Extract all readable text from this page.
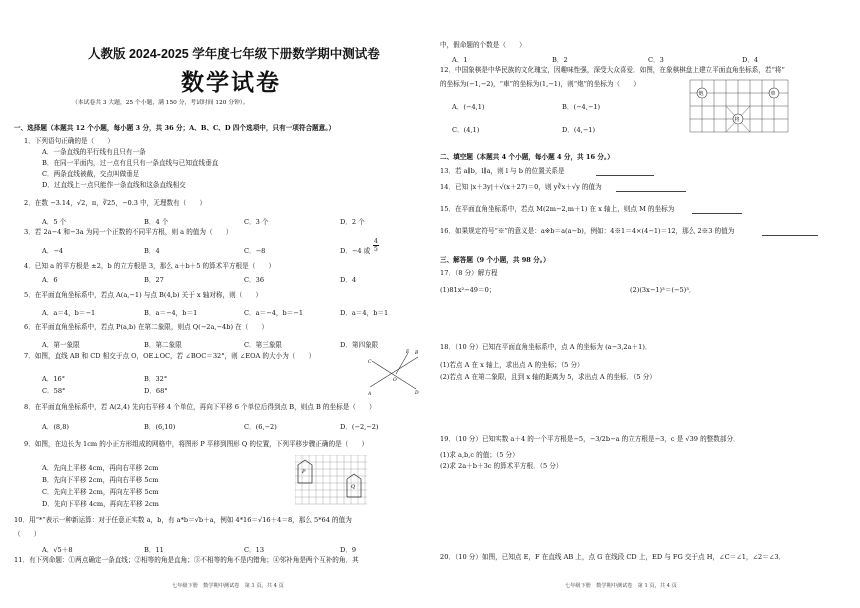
人教版 2024-2025 学年度七年级下册数学期中测试卷
数学试卷
（本试卷共 3 大题，25 个小题，满 150 分，考试时间 120 分钟）。
一、选择题（本题共 12 个小题，每小题 3 分，共 36 分；A、B、C、D 四个选项中，只有一项符合题意。）
1．下列语句正确的是（　　）
A．一条直线的平行线有且只有一条
B．在同一平面内，过一点有且只有一条直线与已知直线垂直
C．两条直线被截，交点叫做垂足
D．过直线上一点只能作一条直线和这条直线相交
2．在数 −3.14，√2，π，∛25，−0.3 中，无理数有（　　）
A．5 个	B．4 个	C．3 个	D．2 个
3．若 2a−4 和−3a 为同一个正数的不同平方根，则 a 的值为（　　）
A．−4	B．4	C．−8	D．−4 或 $\frac{4}{5}$
4．已知 a 的平方根是 ±2，b 的立方根是 3，那么 a＋b＋5 的算术平方根是（　　）
A．6	B．27	C．36	D．4
5．在平面直角坐标系中，若点 A(a,−1) 与点 B(4,b) 关于 x 轴对称，则（　　）
A．a＝4，b＝−1	B．a＝−4，b＝1	C．a＝−4，b＝−1	D．a＝4，b＝1
6．在平面直角坐标系中，若点 P(a,b) 在第二象限，则点 Q(−2a,−4b) 在（　　）
A．第一象限	B．第二象限	C．第三象限	D．第四象限
7．如图，直线 AB 和 CD 相交于点 O，OE⊥OC，若 ∠BOC＝32°，则 ∠EOA 的大小为（　　）
A．16°	B．32°
C．58°	D．68°	A
B
C
D
E
O
8．在平面直角坐标系中，若 A(2,4) 先向右平移 4 个单位，再向下平移 6 个单位后得到点 B，则点 B 的坐标是（　　）
A．(8,8)	B．(6,10)	C．(6,−2)	D．(−2,−2)
9．如图，在边长为 1cm 的小正方形组成的网格中，将图形 P 平移到图形 Q 的位置，下列平移步骤正确的是（　　）
A．先向上平移 4cm，再向右平移 2cm
B．先向下平移 2cm，再向右平移 5cm
C．先向上平移 2cm，再向左平移 5cm
D．先向下平移 4cm，再向左平移 2cm
P
Q
10．用“*”表示一种新运算：对于任意正实数 a，b，有 a*b＝√b＋a，例如 4*16＝√16＋4＝8，那么 5*64 的值为
（　　）
A．√5＋8	B．11	C．13	D．9
11．有下列命题：①两点确定一条直线；②相等的角是直角；③不相等的角不是内错角；④邻补角是两个互补的角．其
七年级下册　数学期中测试卷　第 1 页，共 4 页
中，假命题的个数是（　　）
A．1	B．2	C．3	D．4
12．中国象棋是中华民族的文化瑰宝，因趣味性强，深受大众喜爱．如图，在象棋棋盘上建立平面直角坐标系，若“将”
的坐标为(−1,−2)，“車”的坐标为(1,−1)，则“炮”的坐标为（　　）
A．(−4,1)	B．(−4,−1)
C．(4,1)	D．(4,−1)
炮	車
将
二、填空题（本题共 4 个小题，每小题 4 分，共 16 分。）
13．若 a∥b，l∥a，则 l 与 b 的位置关系是
14．已知 |x＋3y|＋√(x＋27)＝0，则 y∛x＋√y 的值为
15．在平面直角坐标系中，若点 M(2m−2,m＋1) 在 x 轴上，则点 M 的坐标为
16．如果规定符号“※”的意义是：a※b＝a(a−b)，例如：4※1＝4×(4−1)＝12，那么 2※3 的值为
三、解答题（9 个小题，共 98 分。）
17．（8 分）解方程
(1)81x²−49＝0；	(2)(3x−1)³＝(−5)³．
18．（10 分）已知在平面直角坐标系中，点 A 的坐标为 (a−3,2a＋1)．
(1)若点 A 在 x 轴上，求出点 A 的坐标；（5 分）
(2)若点 A 在第二象限，且到 x 轴的距离为 5，求出点 A 的坐标．（5 分）
19．（10 分）已知实数 a＋4 的一个平方根是−5，−3/2b−a 的立方根是−3，c 是 √39 的整数部分．
(1)求 a,b,c 的值；（5 分）
(2)求 2a＋b＋3c 的算术平方根．（5 分）
20．（10 分）如图，已知点 E，F 在直线 AB 上，点 G 在线段 CD 上，ED 与 FG 交于点 H，∠C＝∠1，∠2＝∠3．
七年级下册　数学期中测试卷　第 1 页，共 4 页
